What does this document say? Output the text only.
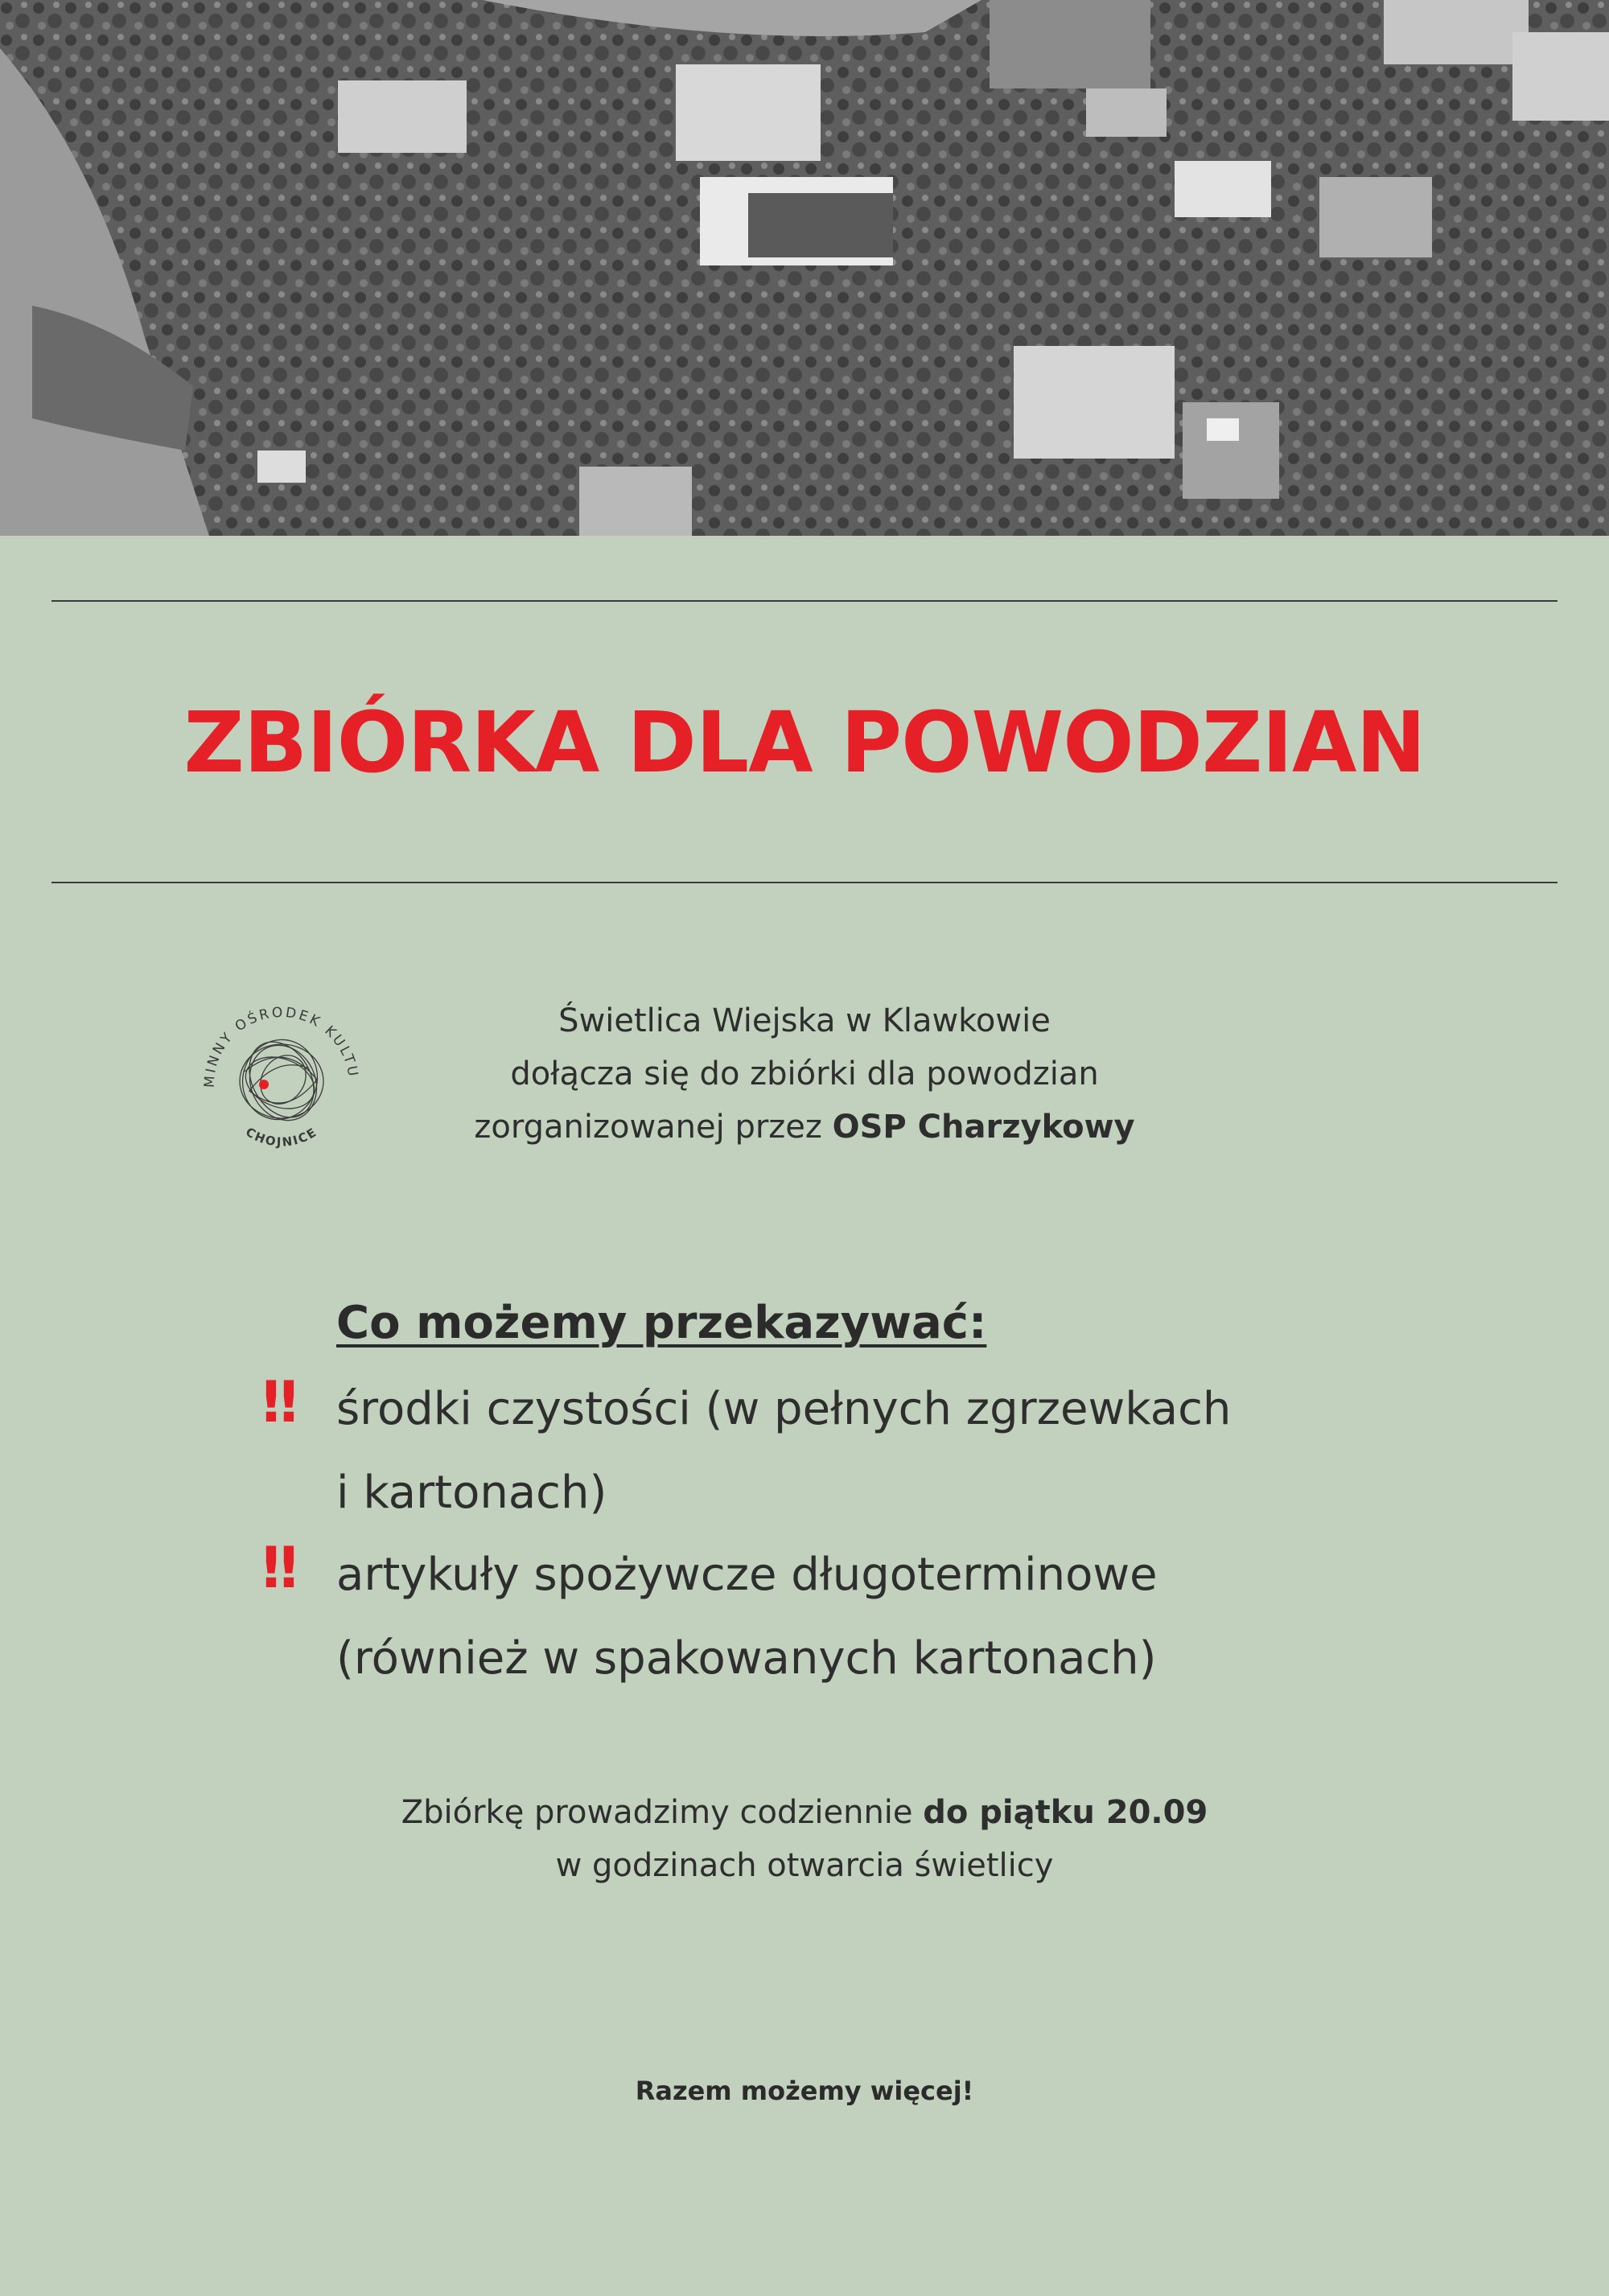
ZBIÓRKA DLA POWODZIAN
MINNY OŚRODEK KULTU
CHOJNICE
Świetlica Wiejska w Klawkowie
dołącza się do zbiórki dla powodzian
zorganizowanej przez OSP Charzykowy
Co możemy przekazywać:
‼ środki czystości (w pełnych zgrzewkach
i kartonach)
‼ artykuły spożywcze długoterminowe
(również w spakowanych kartonach)
Zbiórkę prowadzimy codziennie do piątku 20.09
w godzinach otwarcia świetlicy
Razem możemy więcej!
